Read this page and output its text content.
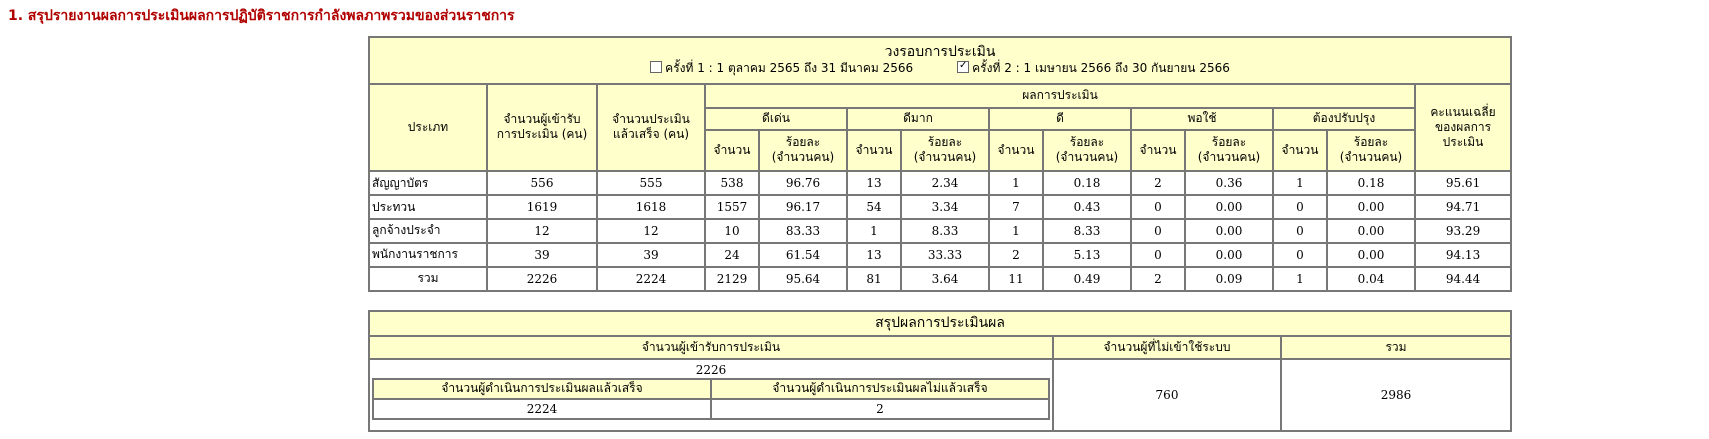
1. สรุปรายงานผลการประเมินผลการปฏิบัติราชการกำลังพลภาพรวมของส่วนราชการ
วงรอบการประเมิน
ครั้งที่ 1 : 1 ตุลาคม 2565 ถึง 31 มีนาคม 2566 ✓ ครั้งที่ 2 : 1 เมษายน 2566 ถึง 30 กันยายน 2566

ประเภท	จำนวนผู้เข้ารับการประเมิน (คน)	จำนวนประเมินแล้วเสร็จ (คน)	ผลการประเมิน										คะแนนเฉลี่ยของผลการประเมิน

			ดีเด่น		ดีมาก		ดี		พอใช้		ต้องปรับปรุง		
			จำนวน	ร้อยละ (จำนวนคน)	จำนวน	ร้อยละ (จำนวนคน)	จำนวน	ร้อยละ (จำนวนคน)	จำนวน	ร้อยละ (จำนวนคน)	จำนวน	ร้อยละ (จำนวนคน)	

สัญญาบัตร	556	555	538	96.76	13	2.34	1	0.18	2	0.36	1	0.18	95.61
ประทวน	1619	1618	1557	96.17	54	3.34	7	0.43	0	0.00	0	0.00	94.71
ลูกจ้างประจำ	12	12	10	83.33	1	8.33	1	8.33	0	0.00	0	0.00	93.29
พนักงานราชการ	39	39	24	61.54	13	33.33	2	5.13	0	0.00	0	0.00	94.13
รวม	2226	2224	2129	95.64	81	3.64	11	0.49	2	0.09	1	0.04	94.44
สรุปผลการประเมินผล
จำนวนผู้เข้ารับการประเมิน	จำนวนผู้ที่ไม่เข้าใช้ระบบ	รวม

2226
จำนวนผู้ดำเนินการประเมินผลแล้วเสร็จ	จำนวนผู้ดำเนินการประเมินผลไม่แล้วเสร็จ
2224	2
	760	2986
